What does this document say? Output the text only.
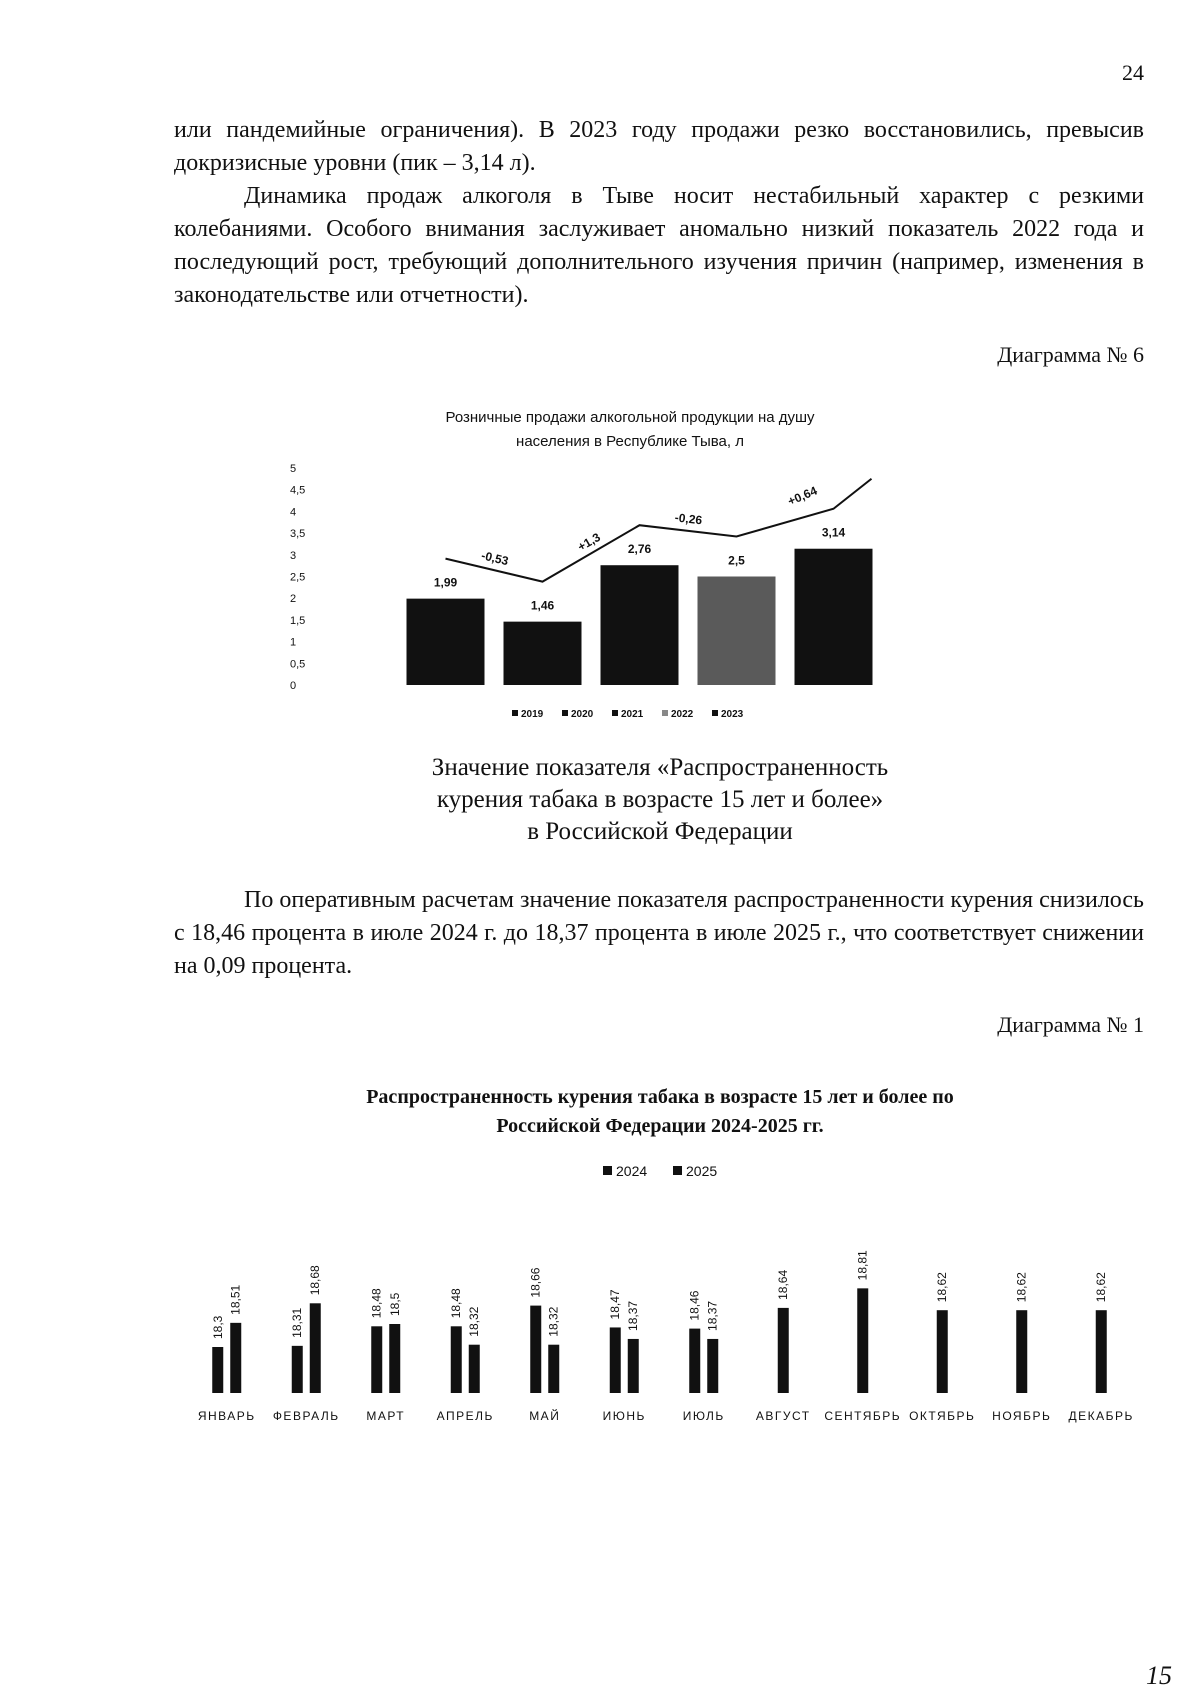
24

или пандемийные ограничения). В 2023 году продажи резко восстановились, превысив докризисные уровни (пик – 3,14 л).

Динамика продаж алкоголя в Тыве носит нестабильный характер с резкими колебаниями. Особого внимания заслуживает аномально низкий показатель 2022 года и последующий рост, требующий дополнительного изучения причин (например, изменения в законодательстве или отчетности).

Диаграмма № 6
Розничные продажи алкогольной продукции на душу
населения в Республике Тыва, л
0
0,5
1
1,5
2
2,5
3
3,5
4
4,5
5
1,99
1,46
2,76
2,5
3,14
-0,53
+1,3
-0,26
+0,64
2019	2020	2021	2022	2023
Значение показателя «Распространенность
курения табака в возрасте 15 лет и более»
в Российской Федерации

По оперативным расчетам значение показателя распространенности курения снизилось с 18,46 процента в июле 2024 г. до 18,37 процента в июле 2025 г., что соответствует снижении на 0,09 процента.

Диаграмма № 1
Распространенность курения табака в возрасте 15 лет и более по
Российской Федерации 2024-2025 гг.
2024	2025
18,3
18,51
ЯНВАРЬ
18,31
18,68
ФЕВРАЛЬ
18,48 18,5
МАРТ
18,48
18,32
АПРЕЛЬ
18,66
18,32
МАЙ
18,47 18,37
ИЮНЬ
18,46 18,37
ИЮЛЬ
18,64
АВГУСТ
18,81
СЕНТЯБРЬ
18,62
ОКТЯБРЬ
18,62
НОЯБРЬ
18,62
ДЕКАБРЬ
15
